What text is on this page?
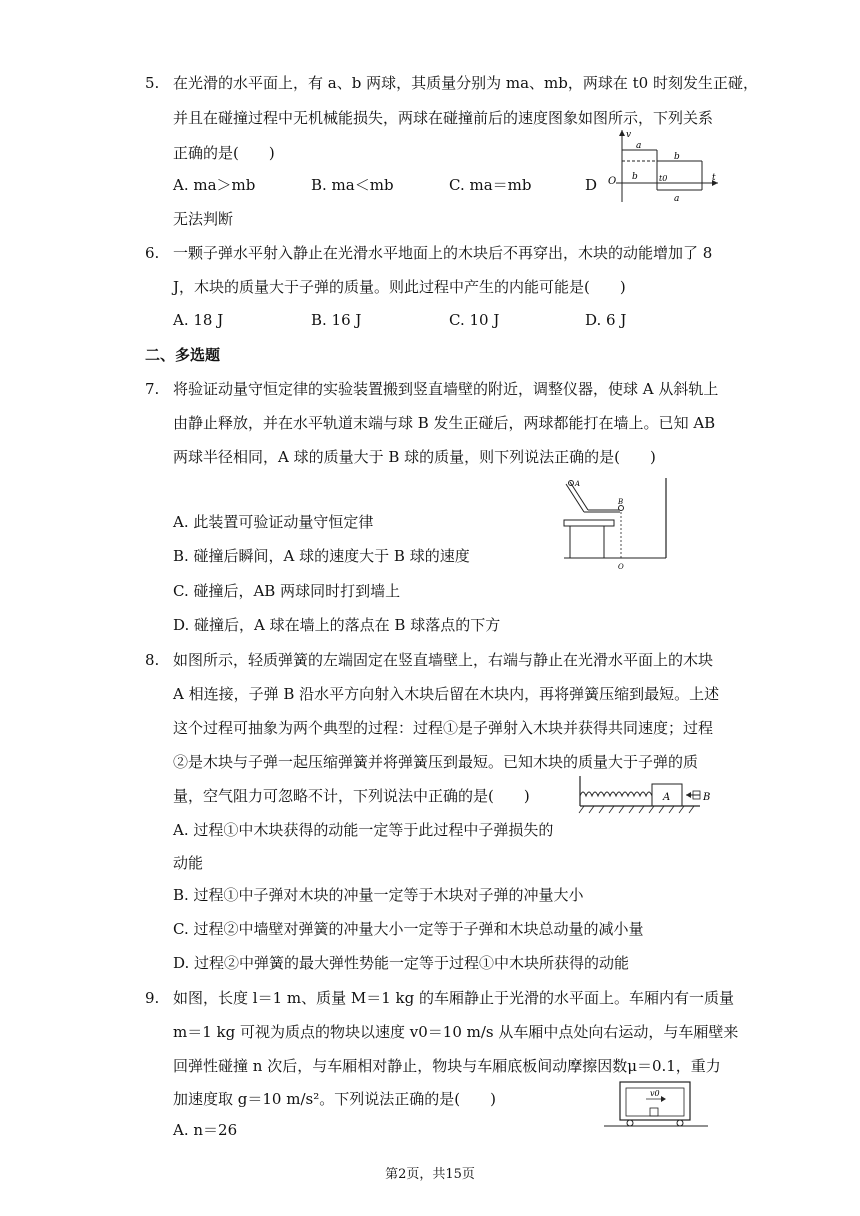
5. 在光滑的水平面上，有 a、b 两球，其质量分别为 ma、mb，两球在 t0 时刻发生正碰，
并且在碰撞过程中无机械能损失，两球在碰撞前后的速度图象如图所示，下列关系
正确的是(　　)
A. ma＞mb	B. ma＜mb	C. ma＝mb	D
无法判断
v
O	t
a
b
b
a
t0
6. 一颗子弹水平射入静止在光滑水平地面上的木块后不再穿出，木块的动能增加了 8
J，木块的质量大于子弹的质量。则此过程中产生的内能可能是(　　)
A. 18 J	B. 16 J	C. 10 J	D. 6 J
二、多选题
7. 将验证动量守恒定律的实验装置搬到竖直墙壁的附近，调整仪器，使球 A 从斜轨上
由静止释放，并在水平轨道末端与球 B 发生正碰后，两球都能打在墙上。已知 AB
两球半径相同，A 球的质量大于 B 球的质量，则下列说法正确的是(　　)
A
B
O
A. 此装置可验证动量守恒定律
B. 碰撞后瞬间，A 球的速度大于 B 球的速度
C. 碰撞后，AB 两球同时打到墙上
D. 碰撞后，A 球在墙上的落点在 B 球落点的下方
8. 如图所示，轻质弹簧的左端固定在竖直墙壁上，右端与静止在光滑水平面上的木块
A 相连接，子弹 B 沿水平方向射入木块后留在木块内，再将弹簧压缩到最短。上述
这个过程可抽象为两个典型的过程：过程①是子弹射入木块并获得共同速度；过程
②是木块与子弹一起压缩弹簧并将弹簧压到最短。已知木块的质量大于子弹的质
量，空气阻力可忽略不计，下列说法中正确的是(　　)	A	B
A. 过程①中木块获得的动能一定等于此过程中子弹损失的
动能
B. 过程①中子弹对木块的冲量一定等于木块对子弹的冲量大小
C. 过程②中墙壁对弹簧的冲量大小一定等于子弹和木块总动量的减小量
D. 过程②中弹簧的最大弹性势能一定等于过程①中木块所获得的动能
9. 如图，长度 l＝1 m、质量 M＝1 kg 的车厢静止于光滑的水平面上。车厢内有一质量
m＝1 kg 可视为质点的物块以速度 v0＝10 m/s 从车厢中点处向右运动，与车厢壁来
回弹性碰撞 n 次后，与车厢相对静止，物块与车厢底板间动摩擦因数μ＝0.1，重力
加速度取 g＝10 m/s²。下列说法正确的是(　　)
A. n＝26
v0
第2页，共15页
